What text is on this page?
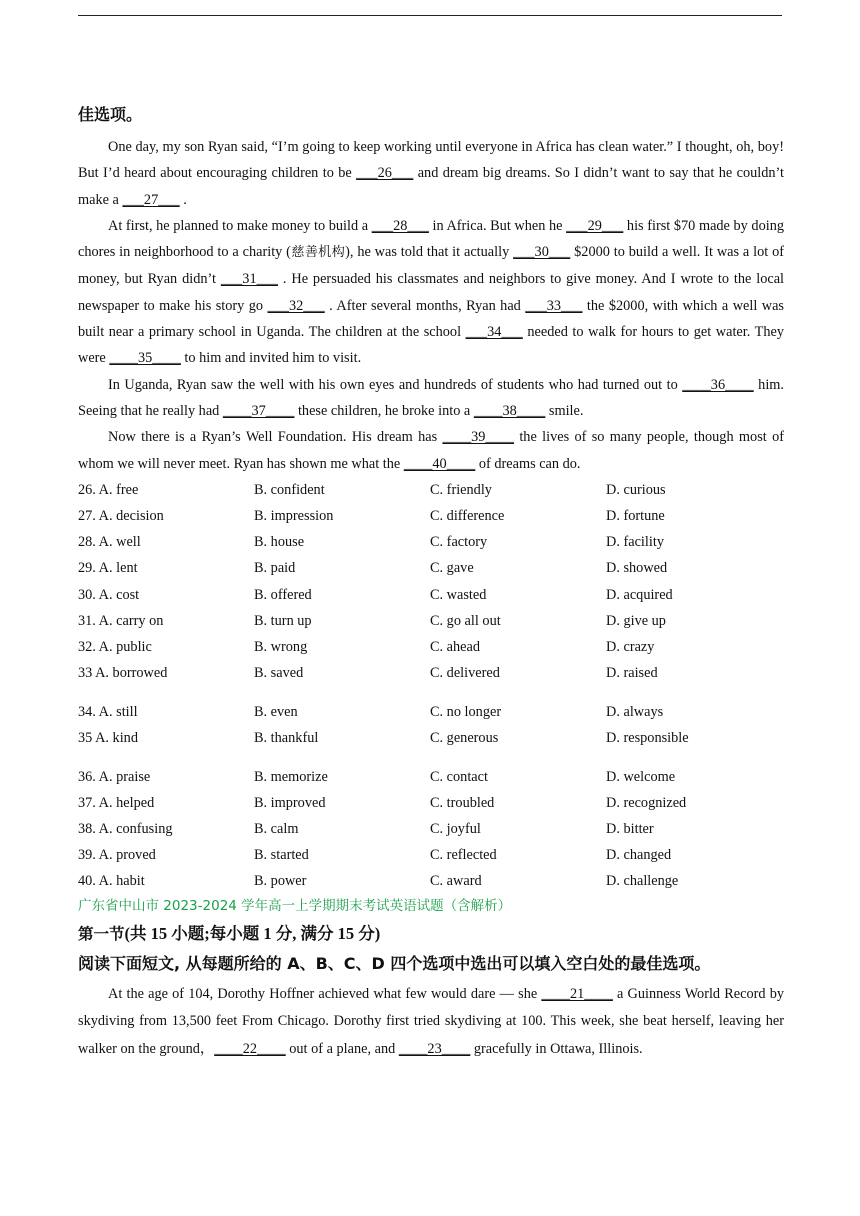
佳选项。

One day, my son Ryan said, “I’m going to keep working until everyone in Africa has clean water.” I thought, oh, boy! But I’d heard about encouraging children to be ___26___ and dream big dreams. So I didn’t want to say that he couldn’t make a ___27___ .

At first, he planned to make money to build a ___28___ in Africa. But when he ___29___ his first $70 made by doing chores in neighborhood to a charity (慈善机构), he was told that it actually ___30___ $2000 to build a well. It was a lot of money, but Ryan didn’t ___31___ . He persuaded his classmates and neighbors to give money. And I wrote to the local newspaper to make his story go ___32___ . After several months, Ryan had ___33___ the $2000, with which a well was built near a primary school in Uganda. The children at the school ___34___ needed to walk for hours to get water. They were ____35____ to him and invited him to visit.

In Uganda, Ryan saw the well with his own eyes and hundreds of students who had turned out to ____36____ him. Seeing that he really had ____37____ these children, he broke into a ____38____ smile.

Now there is a Ryan’s Well Foundation. His dream has ____39____ the lives of so many people, though most of whom we will never meet. Ryan has shown me what the ____40____ of dreams can do.

26. A. free	B. confident	C. friendly	D. curious
27. A. decision	B. impression	C. difference	D. fortune
28. A. well	B. house	C. factory	D. facility
29. A. lent	B. paid	C. gave	D. showed
30. A. cost	B. offered	C. wasted	D. acquired
31. A. carry on	B. turn up	C. go all out	D. give up
32. A. public	B. wrong	C. ahead	D. crazy
33 A. borrowed	B. saved	C. delivered	D. raised
34. A. still	B. even	C. no longer	D. always
35 A. kind	B. thankful	C. generous	D. responsible
36. A. praise	B. memorize	C. contact	D. welcome
37. A. helped	B. improved	C. troubled	D. recognized
38. A. confusing	B. calm	C. joyful	D. bitter
39. A. proved	B. started	C. reflected	D. changed
40. A. habit	B. power	C. award	D. challenge

广东省中山市 2023-2024 学年高一上学期期末考试英语试题（含解析）

第一节(共 15 小题;每小题 1 分, 满分 15 分)

阅读下面短文, 从每题所给的 A、B、C、D 四个选项中选出可以填入空白处的最佳选项。

At the age of 104, Dorothy Hoffner achieved what few would dare — she ____21____ a Guinness World Record by skydiving from 13,500 feet From Chicago. Dorothy first tried skydiving at 100. This week, she beat herself, leaving her walker on the ground，____22____ out of a plane, and ____23____ gracefully in Ottawa, Illinois.
